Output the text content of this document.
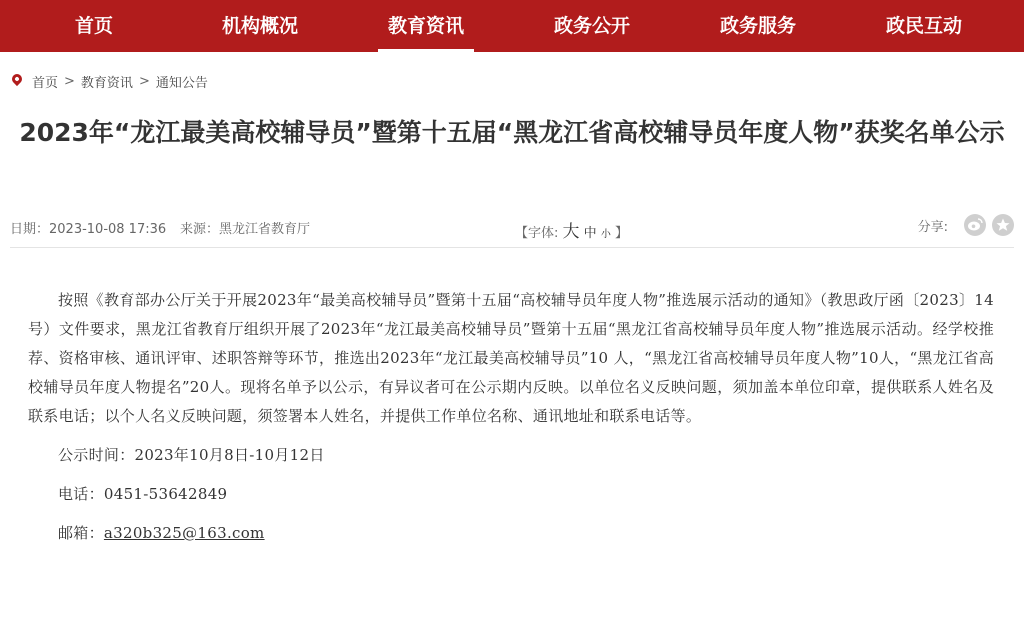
首页	机构概况	教育资讯	政务公开	政务服务	政民互动
首页 > 教育资讯 > 通知公告
2023年“龙江最美高校辅导员”暨第十五届“黑龙江省高校辅导员年度人物”获奖名单公示
日期：2023-10-08 17:36 来源：黑龙江省教育厅	【字体: 大 中 小 】	分享:

按照《教育部办公厅关于开展2023年“最美高校辅导员”暨第十五届“高校辅导员年度人物”推选展示活动的通知》（教思政厅函〔2023〕14 号）文件要求，黑龙江省教育厅组织开展了2023年“龙江最美高校辅导员”暨第十五届“黑龙江省高校辅导员年度人物”推选展示活动。经学校推荐、资格审核、通讯评审、述职答辩等环节，推选出2023年“龙江最美高校辅导员”10 人，“黑龙江省高校辅导员年度人物”10人，“黑龙江省高校辅导员年度人物提名”20人。现将名单予以公示，有异议者可在公示期内反映。以单位名义反映问题，须加盖本单位印章，提供联系人姓名及联系电话；以个人名义反映问题，须签署本人姓名，并提供工作单位名称、通讯地址和联系电话等。

公示时间：2023年10月8日-10月12日
电话：0451-53642849
邮箱：a320b325@163.com
